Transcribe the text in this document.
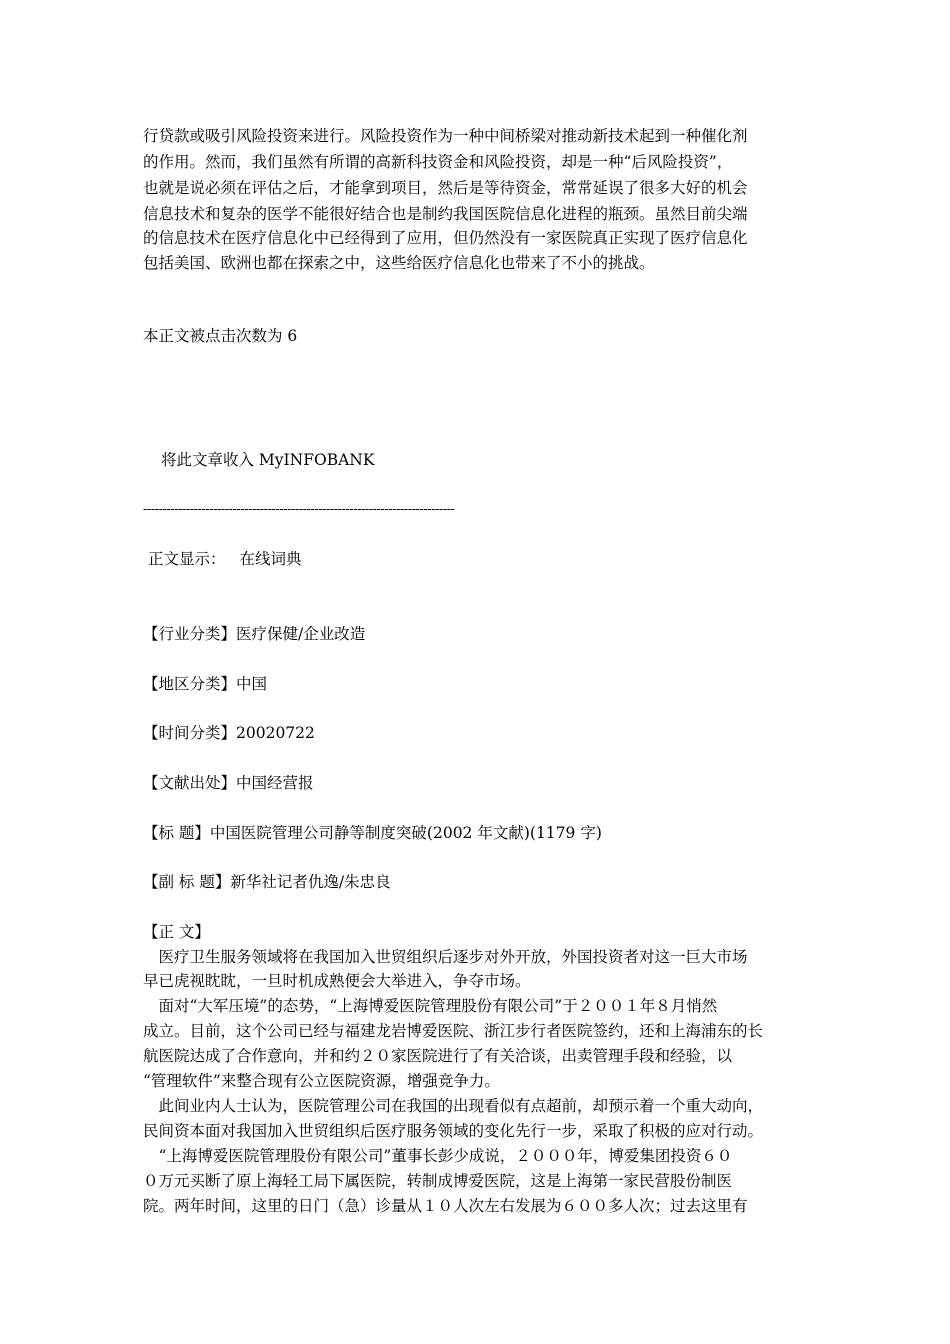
行贷款或吸引风险投资来进行。风险投资作为一种中间桥梁对推动新技术起到一种催化剂
的作用。然而，我们虽然有所谓的高新科技资金和风险投资，却是一种“后风险投资”，
也就是说必须在评估之后，才能拿到项目，然后是等待资金，常常延误了很多大好的机会
信息技术和复杂的医学不能很好结合也是制约我国医院信息化进程的瓶颈。虽然目前尖端
的信息技术在医疗信息化中已经得到了应用，但仍然没有一家医院真正实现了医疗信息化
包括美国、欧洲也都在探索之中，这些给医疗信息化也带来了不小的挑战。
本正文被点击次数为 6
将此文章收入 MyINFOBANK
--------------------------------------------------------------------------------
正文显示： 在线词典
【行业分类】医疗保健/企业改造
【地区分类】中国
【时间分类】20020722
【文献出处】中国经营报
【标 题】中国医院管理公司静等制度突破(2002 年文献)(1179 字)
【副 标 题】新华社记者仇逸/朱忠良
【正 文】
　医疗卫生服务领域将在我国加入世贸组织后逐步对外开放，外国投资者对这一巨大市场
早已虎视眈眈，一旦时机成熟便会大举进入，争夺市场。
　面对“大军压境”的态势，“上海博爱医院管理股份有限公司”于２００１年８月悄然
成立。目前，这个公司已经与福建龙岩博爱医院、浙江步行者医院签约，还和上海浦东的长
航医院达成了合作意向，并和约２０家医院进行了有关洽谈，出卖管理手段和经验，以
“管理软件”来整合现有公立医院资源，增强竞争力。
　此间业内人士认为，医院管理公司在我国的出现看似有点超前，却预示着一个重大动向，
民间资本面对我国加入世贸组织后医疗服务领域的变化先行一步，采取了积极的应对行动。
　“上海博爱医院管理股份有限公司”董事长彭少成说，２０００年，博爱集团投资６０
０万元买断了原上海轻工局下属医院，转制成博爱医院，这是上海第一家民营股份制医
院。两年时间，这里的日门（急）诊量从１０人次左右发展为６００多人次；过去这里有
